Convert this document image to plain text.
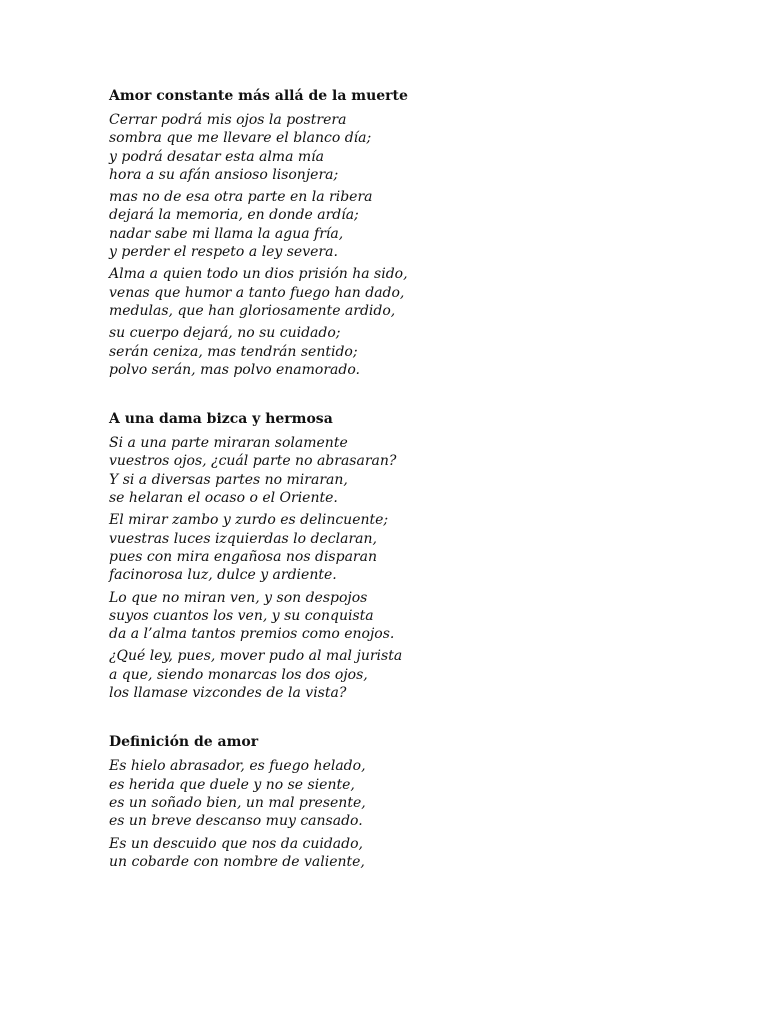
Amor constante más allá de la muerte
Cerrar podrá mis ojos la postrera
sombra que me llevare el blanco día;
y podrá desatar esta alma mía
hora a su afán ansioso lisonjera;
mas no de esa otra parte en la ribera
dejará la memoria, en donde ardía;
nadar sabe mi llama la agua fría,
y perder el respeto a ley severa.
Alma a quien todo un dios prisión ha sido,
venas que humor a tanto fuego han dado,
medulas, que han gloriosamente ardido,
su cuerpo dejará, no su cuidado;
serán ceniza, mas tendrán sentido;
polvo serán, mas polvo enamorado.
A una dama bizca y hermosa
Si a una parte miraran solamente
vuestros ojos, ¿cuál parte no abrasaran?
Y si a diversas partes no miraran,
se helaran el ocaso o el Oriente.
El mirar zambo y zurdo es delincuente;
vuestras luces izquierdas lo declaran,
pues con mira engañosa nos disparan
facinorosa luz, dulce y ardiente.
Lo que no miran ven, y son despojos
suyos cuantos los ven, y su conquista
da a l’alma tantos premios como enojos.
¿Qué ley, pues, mover pudo al mal jurista
a que, siendo monarcas los dos ojos,
los llamase vizcondes de la vista?
Definición de amor
Es hielo abrasador, es fuego helado,
es herida que duele y no se siente,
es un soñado bien, un mal presente,
es un breve descanso muy cansado.
Es un descuido que nos da cuidado,
un cobarde con nombre de valiente,
